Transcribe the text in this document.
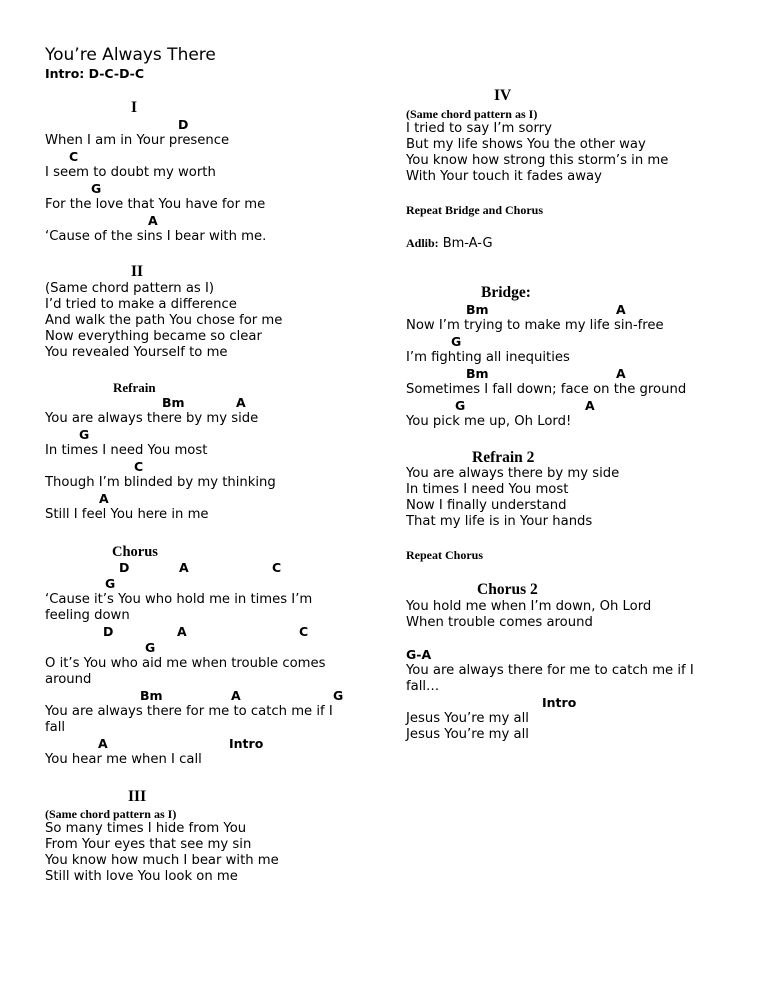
You’re Always There
Intro: D-C-D-C
I
D
When I am in Your presence
C
I seem to doubt my worth
G
For the love that You have for me
A
‘Cause of the sins I bear with me.
II
(Same chord pattern as I)
I’d tried to make a difference
And walk the path You chose for me
Now everything became so clear
You revealed Yourself to me
Refrain
Bm	A
You are always there by my side
G
In times I need You most
C
Though I’m blinded by my thinking
A
Still I feel You here in me
Chorus
D	A	C
G
‘Cause it’s You who hold me in times I’m
feeling down
D	A	C
G
O it’s You who aid me when trouble comes
around
Bm	A	G
You are always there for me to catch me if I
fall
A	Intro
You hear me when I call
III
(Same chord pattern as I)
So many times I hide from You
From Your eyes that see my sin
You know how much I bear with me
Still with love You look on me
IV
(Same chord pattern as I)
I tried to say I’m sorry
But my life shows You the other way
You know how strong this storm’s in me
With Your touch it fades away
Repeat Bridge and Chorus
Adlib: Bm-A-G
Bridge:
Bm	A
Now I’m trying to make my life sin-free
G
I’m fighting all inequities
Bm	A
Sometimes I fall down; face on the ground
G	A
You pick me up, Oh Lord!
Refrain 2
You are always there by my side
In times I need You most
Now I finally understand
That my life is in Your hands
Repeat Chorus
Chorus 2
You hold me when I’m down, Oh Lord
When trouble comes around
G-A
You are always there for me to catch me if I
fall…
Intro
Jesus You’re my all
Jesus You’re my all
